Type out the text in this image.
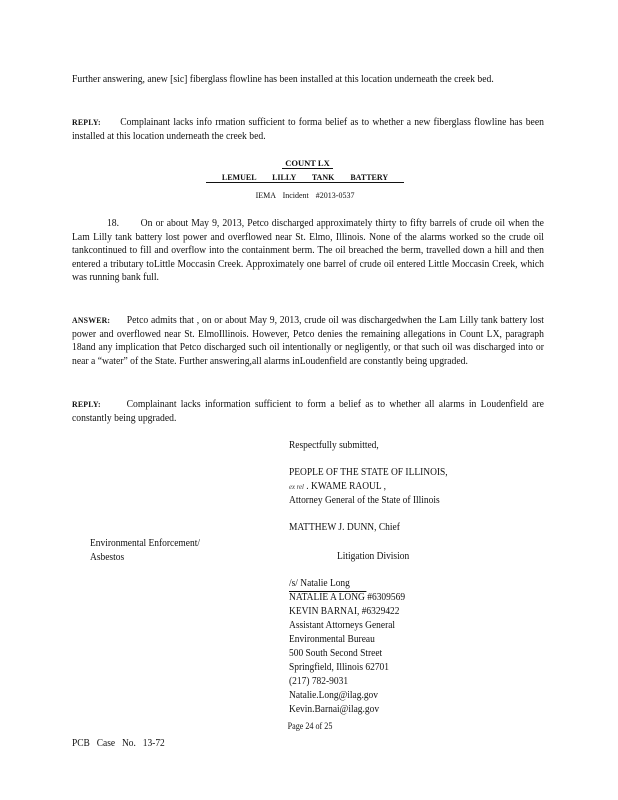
Further answering, anew [sic] fiberglass flowline has been installed at this location underneath the creek bed.
REPLY: Complainant lacks info rmation sufficient to forma belief as to whether a new fiberglass flowline has been installed at this location underneath the creek bed.
COUNT LX
LEMUEL LILLY TANK BATTERY
IEMA Incident #2013-0537
18. On or about May 9, 2013, Petco discharged approximately thirty to fifty barrels of crude oil when the Lam Lilly tank battery lost power and overflowed near St. Elmo, Illinois. None of the alarms worked so the crude oil tankcontinued to fill and overflow into the containment berm. The oil breached the berm, travelled down a hill and then entered a tributary toLittle Moccasin Creek. Approximately one barrel of crude oil entered Little Moccasin Creek, which was running bank full.
ANSWER: Petco admits that , on or about May 9, 2013, crude oil was dischargedwhen the Lam Lilly tank battery lost power and overflowed near St. ElmoIllinois. However, Petco denies the remaining allegations in Count LX, paragraph 18and any implication that Petco discharged such oil intentionally or negligently, or that such oil was discharged into or near a “water” of the State. Further answering,all alarms inLoudenfield are constantly being upgraded.
REPLY: Complainant lacks information sufficient to form a belief as to whether all alarms in Loudenfield are constantly being upgraded.
Respectfully submitted,
PEOPLE OF THE STATE OF ILLINOIS,
ex rel . KWAME RAOUL ,
Attorney General of the State of Illinois
MATTHEW J. DUNN, Chief
Environmental Enforcement/
Asbestos	Litigation Division
/s/ Natalie Long
NATALIE A LONG #6309569
KEVIN BARNAI, #6329422
Assistant Attorneys General
Environmental Bureau
500 South Second Street
Springfield, Illinois 62701
(217) 782-9031
Natalie.Long@ilag.gov
Kevin.Barnai@ilag.gov
Page 24 of 25
PCB Case No. 13-72
